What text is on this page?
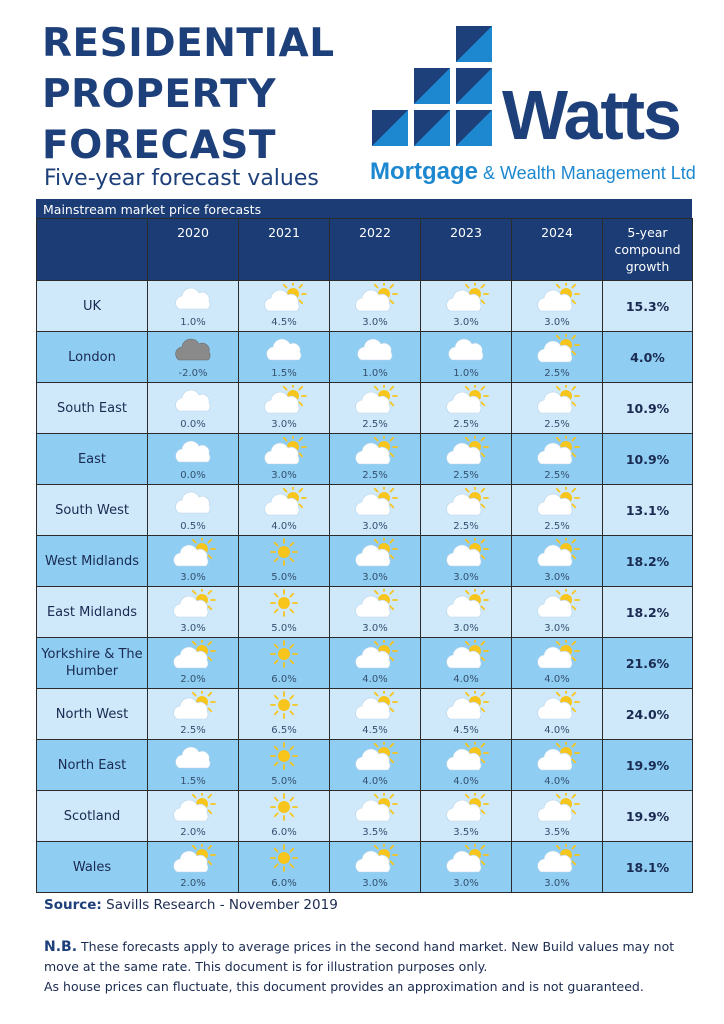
RESIDENTIAL
PROPERTY
FORECAST
Five-year forecast values
Watts
Mortgage & Wealth Management Ltd
Mainstream market price forecasts
	2020	2021	2022	2023	2024	5-year
compound
growth

UK	1.0%	4.5%	3.0%	3.0%	3.0%	15.3%
London	-2.0%	1.5%	1.0%	1.0%	2.5%	4.0%
South East	0.0%	3.0%	2.5%	2.5%	2.5%	10.9%
East	0.0%	3.0%	2.5%	2.5%	2.5%	10.9%
South West	0.5%	4.0%	3.0%	2.5%	2.5%	13.1%
West Midlands	3.0%	5.0%	3.0%	3.0%	3.0%	18.2%
East Midlands	3.0%	5.0%	3.0%	3.0%	3.0%	18.2%

Yorkshire & The
Humber	2.0%	6.0%	4.0%	4.0%	4.0%	21.6%
North West	2.5%	6.5%	4.5%	4.5%	4.0%	24.0%
North East	1.5%	5.0%	4.0%	4.0%	4.0%	19.9%
Scotland	2.0%	6.0%	3.5%	3.5%	3.5%	19.9%
Wales	2.0%	6.0%	3.0%	3.0%	3.0%	18.1%
Source: Savills Research - November 2019
N.B. These forecasts apply to average prices in the second hand market. New Build values may not move at the same rate. This document is for illustration purposes only.
As house prices can fluctuate, this document provides an approximation and is not guaranteed.
